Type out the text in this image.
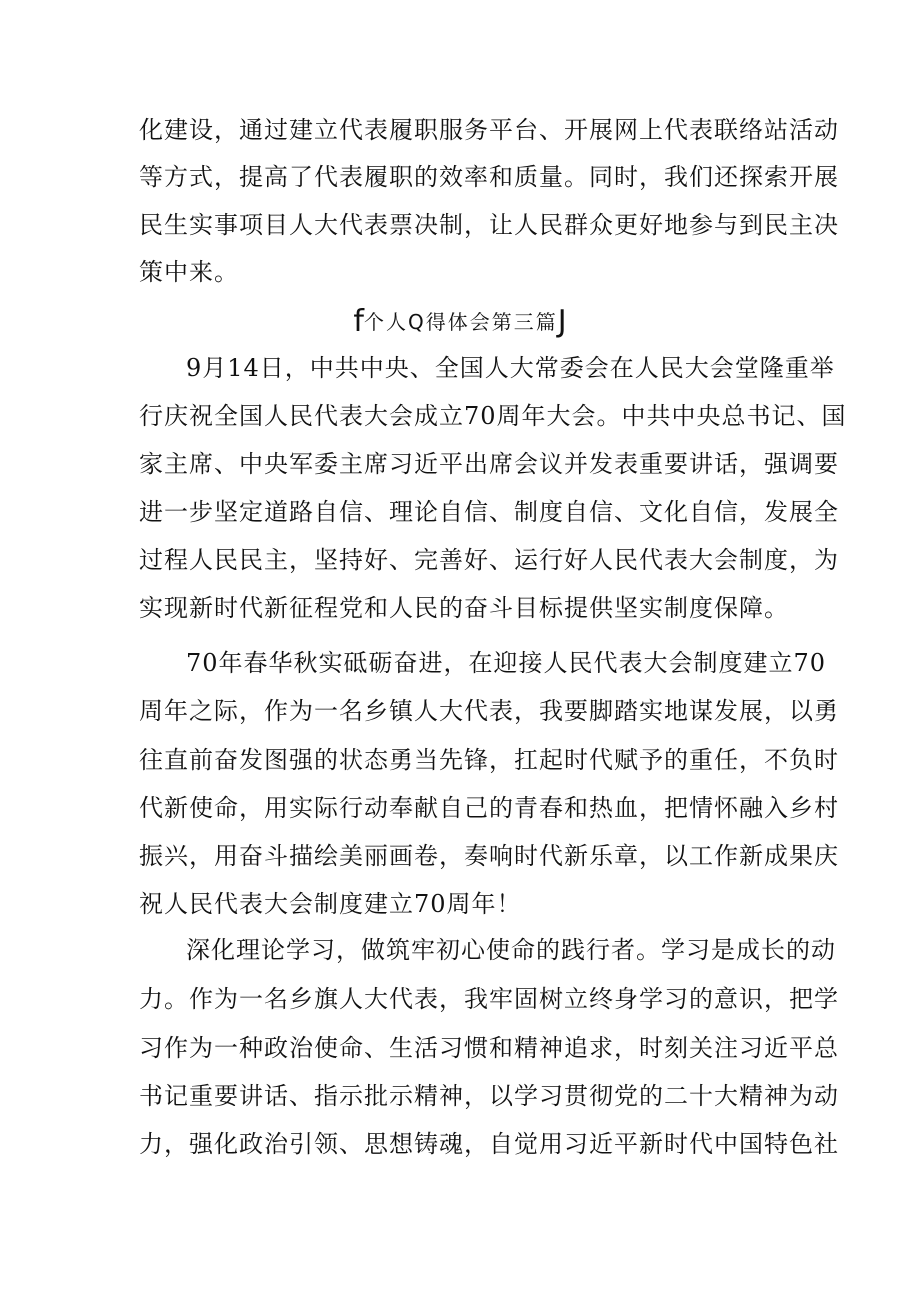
化建设，通过建立代表履职服务平台、开展网上代表联络站活动
等方式，提高了代表履职的效率和质量。同时，我们还探索开展
民生实事项目人大代表票决制，让人民群众更好地参与到民主决
策中来。
f个人Q得体会第三篇J
9月14日，中共中央、全国人大常委会在人民大会堂隆重举
行庆祝全国人民代表大会成立70周年大会。中共中央总书记、国
家主席、中央军委主席习近平出席会议并发表重要讲话，强调要
进一步坚定道路自信、理论自信、制度自信、文化自信，发展全
过程人民民主，坚持好、完善好、运行好人民代表大会制度，为
实现新时代新征程党和人民的奋斗目标提供坚实制度保障。
70年春华秋实砥砺奋进，在迎接人民代表大会制度建立70
周年之际，作为一名乡镇人大代表，我要脚踏实地谋发展，以勇
往直前奋发图强的状态勇当先锋，扛起时代赋予的重任，不负时
代新使命，用实际行动奉献自己的青春和热血，把情怀融入乡村
振兴，用奋斗描绘美丽画卷，奏响时代新乐章，以工作新成果庆
祝人民代表大会制度建立70周年！
深化理论学习，做筑牢初心使命的践行者。学习是成长的动
力。作为一名乡旗人大代表，我牢固树立终身学习的意识，把学
习作为一种政治使命、生活习惯和精神追求，时刻关注习近平总
书记重要讲话、指示批示精神，以学习贯彻党的二十大精神为动
力，强化政治引领、思想铸魂，自觉用习近平新时代中国特色社
